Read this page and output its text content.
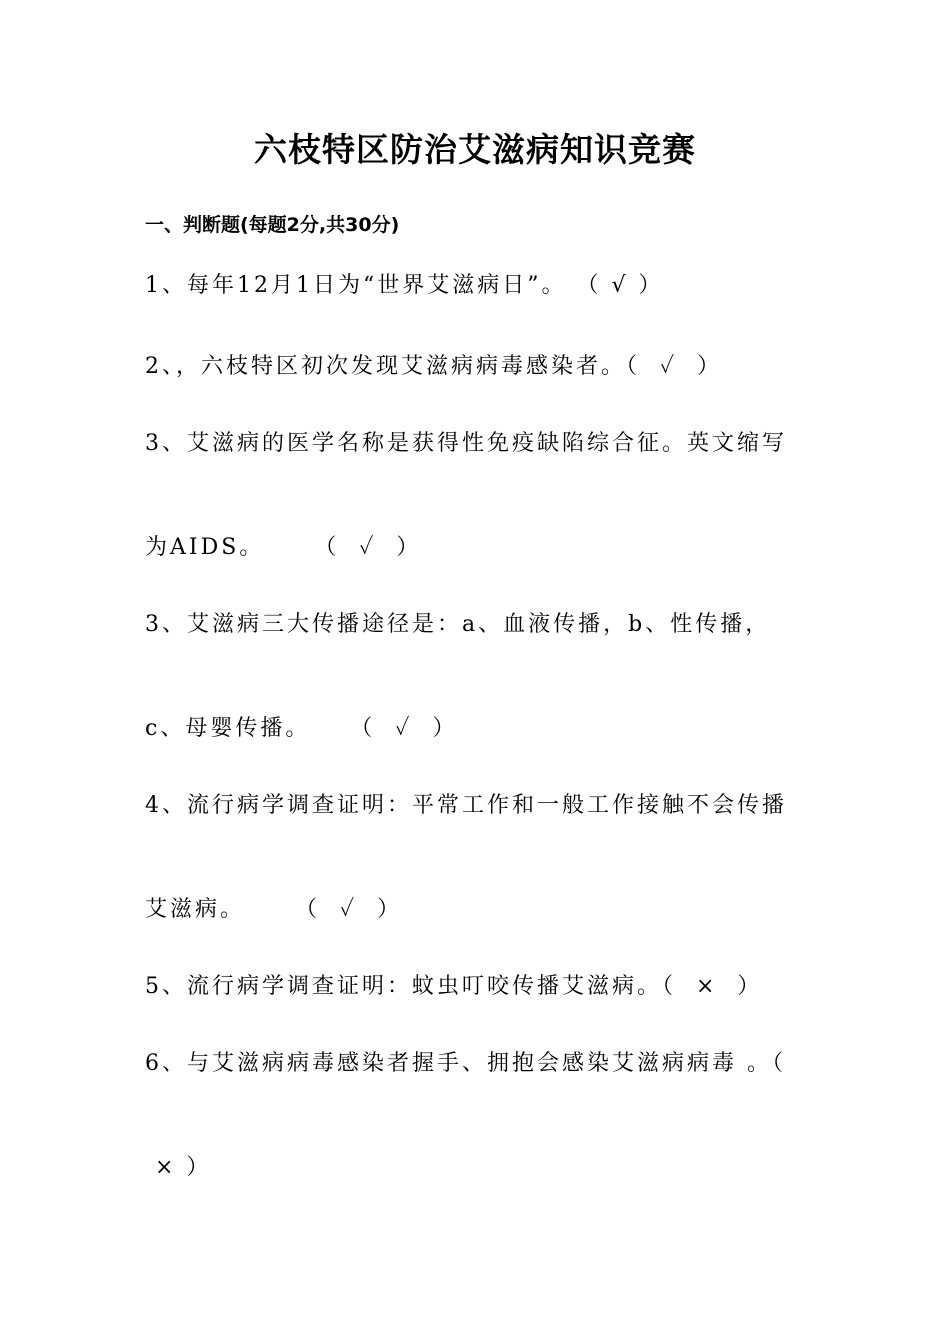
六枝特区防治艾滋病知识竞赛
一、判断题(每题2分,共30分)
1、每年12月1日为“世界艾滋病日”。 （ √ ）
2、，六枝特区初次发现艾滋病病毒感染者。（  ✓  ）
3、艾滋病的医学名称是获得性免疫缺陷综合征。英文缩写
为AIDS。     （  ✓  ）
3、艾滋病三大传播途径是：a、血液传播，b、性传播，
c、母婴传播。    （  ✓  ）
4、流行病学调查证明：平常工作和一般工作接触不会传播
艾滋病。     （  ✓  ）
5、流行病学调查证明：蚊虫叮咬传播艾滋病。（  ×  ）
6、与艾滋病病毒感染者握手、拥抱会感染艾滋病病毒 。（
× ）
